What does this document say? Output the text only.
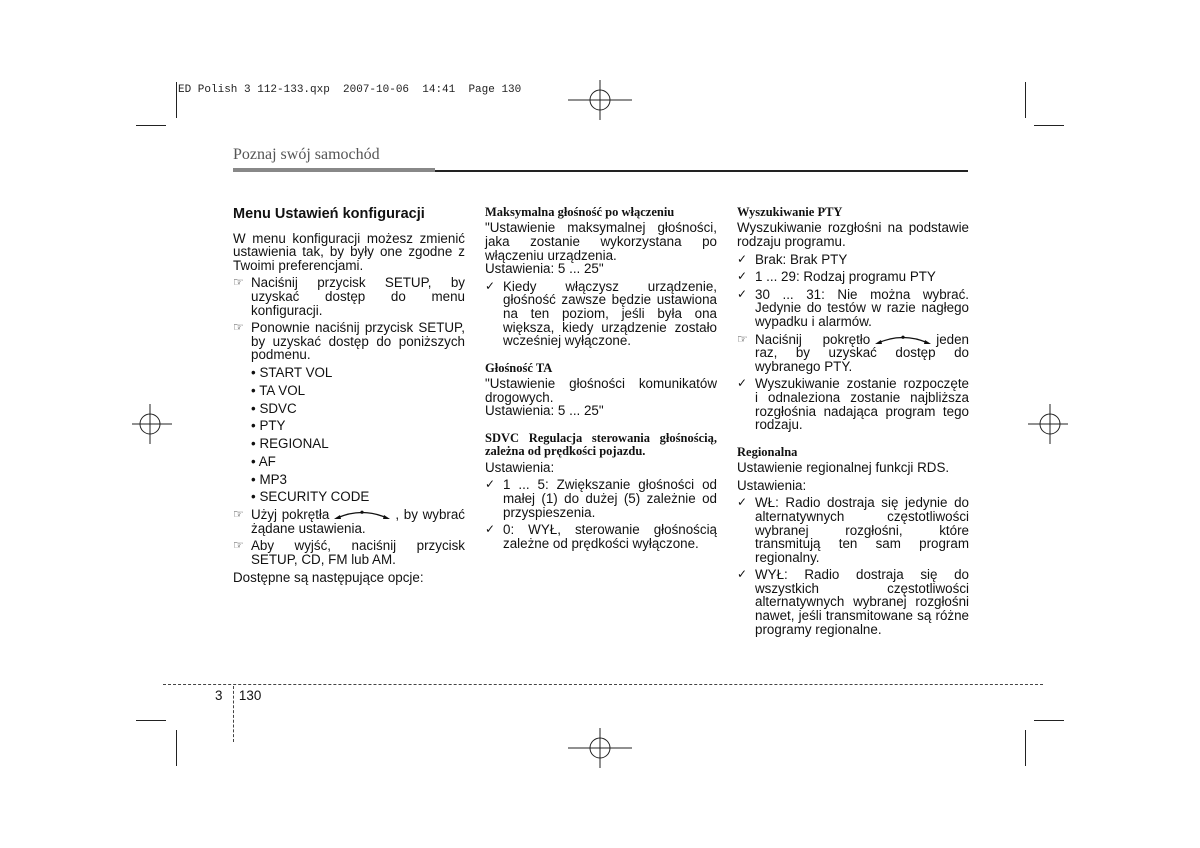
ED Polish 3 112-133.qxp  2007-10-06  14:41  Page 130
Poznaj swój samochód
Menu Ustawień konfiguracji
W menu konfiguracji możesz zmienić ustawienia tak, by były one zgodne z Twoimi preferencjami.
☞ Naciśnij przycisk SETUP, by uzyskać dostęp do menu konfiguracji.
☞ Ponownie naciśnij przycisk SETUP, by uzyskać dostęp do poniższych podmenu.
• START VOL
• TA VOL
• SDVC
• PTY
• REGIONAL
• AF
• MP3
• SECURITY CODE
☞ Użyj pokrętła	, by wybrać żądane ustawienia.
☞ Aby wyjść, naciśnij przycisk SETUP, CD, FM lub AM.
Dostępne są następujące opcje:
Maksymalna głośność po włączeniu
"Ustawienie maksymalnej głośności, jaka zostanie wykorzystana po włączeniu urządzenia.
Ustawienia: 5 ... 25"
✓ Kiedy włączysz urządzenie, głośność zawsze będzie ustawiona na ten poziom, jeśli była ona większa, kiedy urządzenie zostało wcześniej wyłączone.
Głośność TA
"Ustawienie głośności komunikatów drogowych.
Ustawienia: 5 ... 25"
SDVC Regulacja sterowania głośnością, zależna od prędkości pojazdu.
Ustawienia:
✓ 1 ... 5: Zwiększanie głośności od małej (1) do dużej (5) zależnie od przyspieszenia.
✓ 0: WYŁ, sterowanie głośnością zależne od prędkości wyłączone.
Wyszukiwanie PTY
Wyszukiwanie rozgłośni na podstawie rodzaju programu.
✓ Brak: Brak PTY
✓ 1 ... 29: Rodzaj programu PTY
✓ 30 ... 31: Nie można wybrać. Jedynie do testów w razie nagłego wypadku i alarmów.
☞ Naciśnij pokrętło	jeden raz, by uzyskać dostęp do wybranego PTY.
✓ Wyszukiwanie zostanie rozpoczęte i odnaleziona zostanie najbliższa rozgłośnia nadająca program tego rodzaju.
Regionalna
Ustawienie regionalnej funkcji RDS.
Ustawienia:
✓ WŁ: Radio dostraja się jedynie do alternatywnych częstotliwości wybranej rozgłośni, które transmitują ten sam program regionalny.
✓ WYŁ: Radio dostraja się do wszystkich częstotliwości alternatywnych wybranej rozgłośni nawet, jeśli transmitowane są różne programy regionalne.
3 130
